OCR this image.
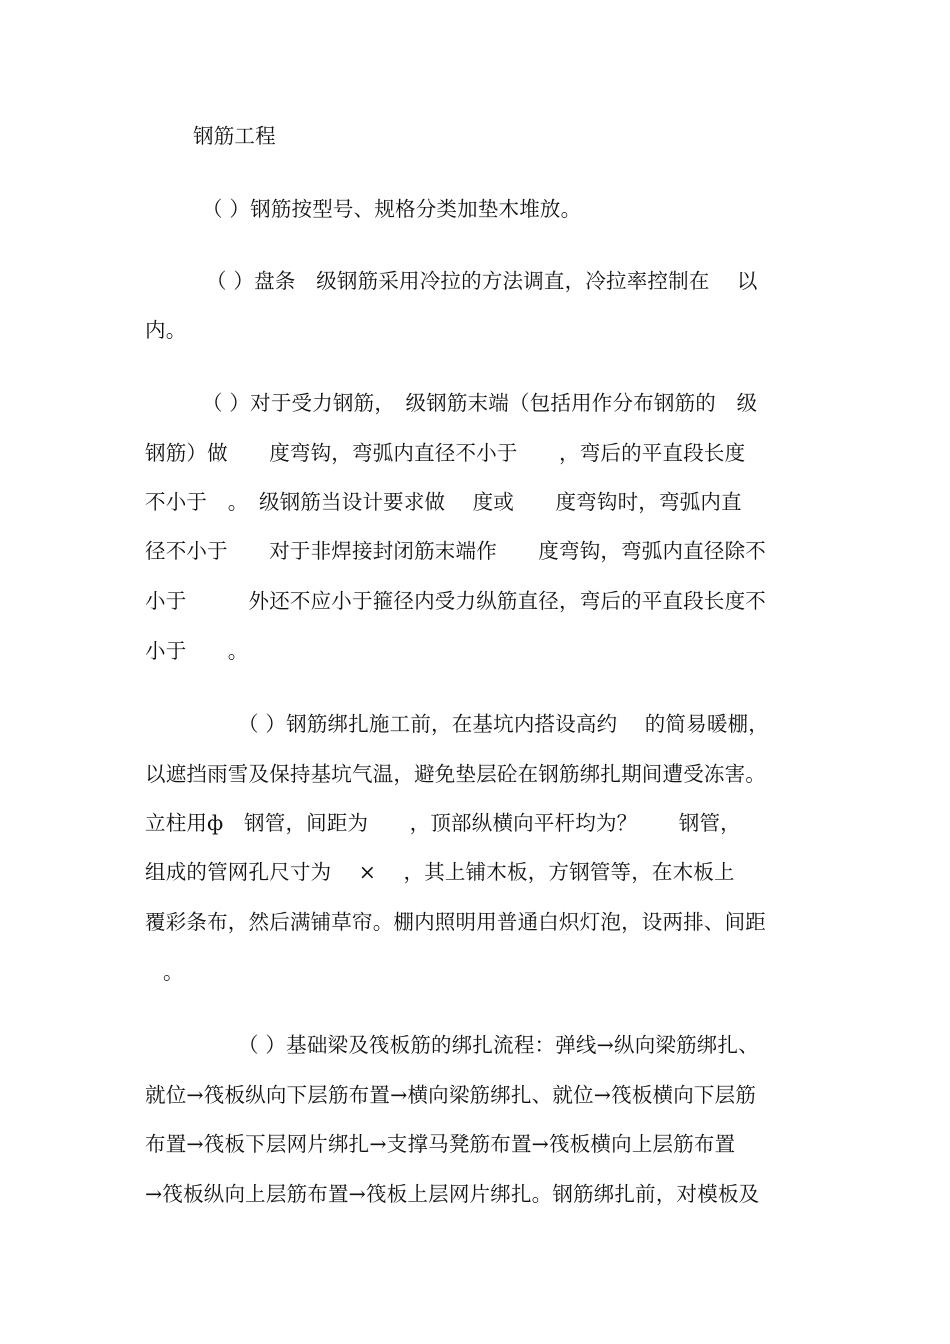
钢筋工程
（ ）钢筋按型号、规格分类加垫木堆放。
（ ）盘条　级钢筋采用冷拉的方法调直，冷拉率控制在　 以
内。
（ ）对于受力钢筋，　级钢筋末端（包括用作分布钢筋的　级
钢筋）做　　度弯钩，弯弧内直径不小于　　，弯后的平直段长度
不小于　。　级钢筋当设计要求做　 度或　　度弯钩时，弯弧内直
径不小于　　对于非焊接封闭筋末端作　　度弯钩，弯弧内直径除不
小于　　　外还不应小于箍径内受力纵筋直径，弯后的平直段长度不
小于　　。
（ ）钢筋绑扎施工前，在基坑内搭设高约　 的简易暖棚，
以遮挡雨雪及保持基坑气温，避免垫层砼在钢筋绑扎期间遭受冻害。
立柱用ф　钢管，间距为　　，顶部纵横向平杆均为？　　钢管，
组成的管网孔尺寸为　 ×　 ，其上铺木板，方钢管等，在木板上
覆彩条布，然后满铺草帘。棚内照明用普通白炽灯泡，设两排、间距
。
（ ）基础梁及筏板筋的绑扎流程：弹线→纵向梁筋绑扎、
就位→筏板纵向下层筋布置→横向梁筋绑扎、就位→筏板横向下层筋
布置→筏板下层网片绑扎→支撑马凳筋布置→筏板横向上层筋布置
→筏板纵向上层筋布置→筏板上层网片绑扎。钢筋绑扎前，对模板及
